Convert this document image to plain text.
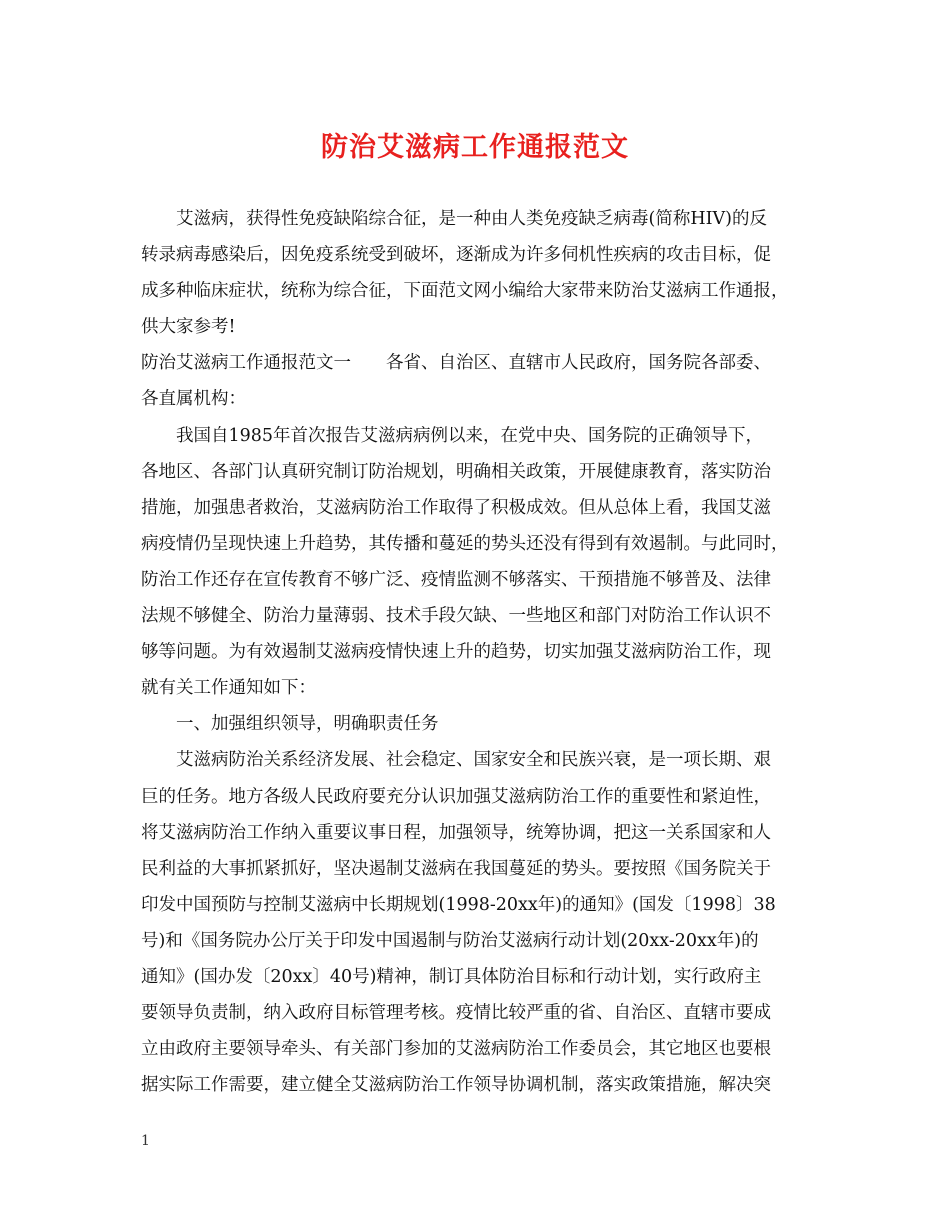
防治艾滋病工作通报范文
艾滋病，获得性免疫缺陷综合征，是一种由人类免疫缺乏病毒(简称HIV)的反
转录病毒感染后，因免疫系统受到破坏，逐渐成为许多伺机性疾病的攻击目标，促
成多种临床症状，统称为综合征，下面范文网小编给大家带来防治艾滋病工作通报，
供大家参考!
防治艾滋病工作通报范文一　　各省、自治区、直辖市人民政府，国务院各部委、
各直属机构：
我国自1985年首次报告艾滋病病例以来，在党中央、国务院的正确领导下，
各地区、各部门认真研究制订防治规划，明确相关政策，开展健康教育，落实防治
措施，加强患者救治，艾滋病防治工作取得了积极成效。但从总体上看，我国艾滋
病疫情仍呈现快速上升趋势，其传播和蔓延的势头还没有得到有效遏制。与此同时，
防治工作还存在宣传教育不够广泛、疫情监测不够落实、干预措施不够普及、法律
法规不够健全、防治力量薄弱、技术手段欠缺、一些地区和部门对防治工作认识不
够等问题。为有效遏制艾滋病疫情快速上升的趋势，切实加强艾滋病防治工作，现
就有关工作通知如下：
一、加强组织领导，明确职责任务
艾滋病防治关系经济发展、社会稳定、国家安全和民族兴衰，是一项长期、艰
巨的任务。地方各级人民政府要充分认识加强艾滋病防治工作的重要性和紧迫性，
将艾滋病防治工作纳入重要议事日程，加强领导，统筹协调，把这一关系国家和人
民利益的大事抓紧抓好，坚决遏制艾滋病在我国蔓延的势头。要按照《国务院关于
印发中国预防与控制艾滋病中长期规划(1998-20xx年)的通知》(国发〔1998〕38
号)和《国务院办公厅关于印发中国遏制与防治艾滋病行动计划(20xx-20xx年)的
通知》(国办发〔20xx〕40号)精神，制订具体防治目标和行动计划，实行政府主
要领导负责制，纳入政府目标管理考核。疫情比较严重的省、自治区、直辖市要成
立由政府主要领导牵头、有关部门参加的艾滋病防治工作委员会，其它地区也要根
据实际工作需要，建立健全艾滋病防治工作领导协调机制，落实政策措施，解决突
1
